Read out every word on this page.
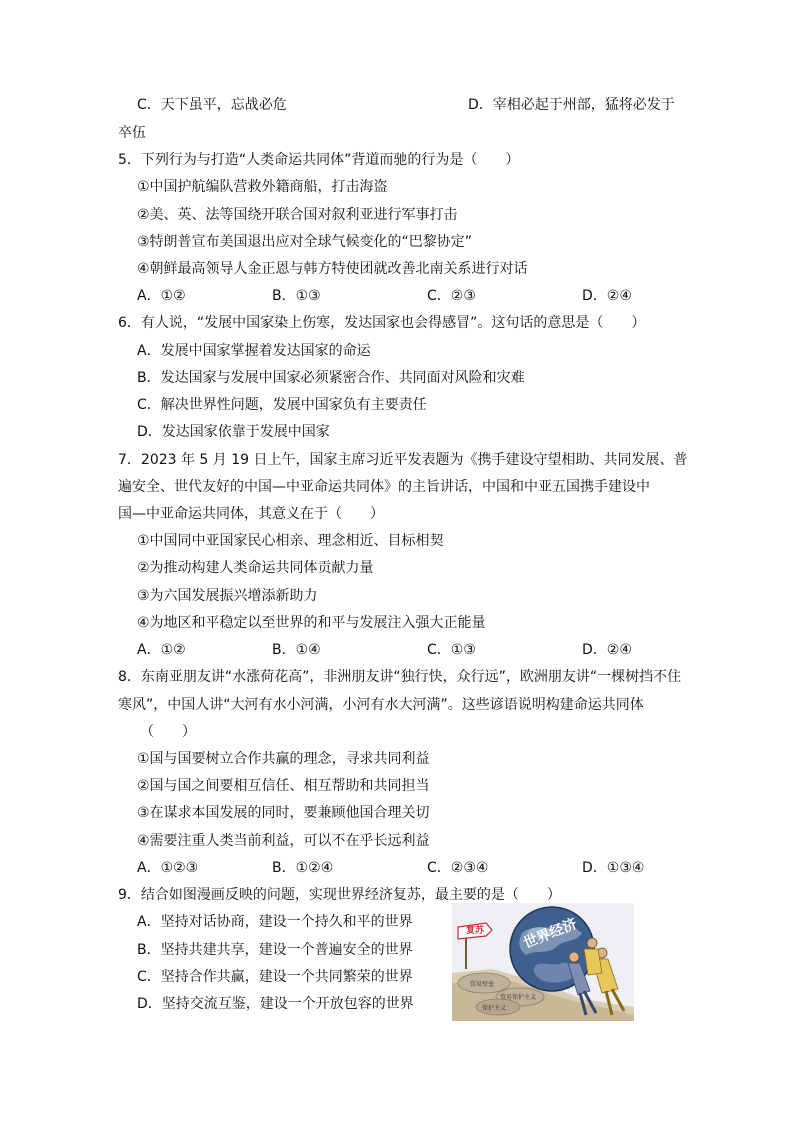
C．天下虽平，忘战必危	D．宰相必起于州部，猛将必发于
卒伍
5．下列行为与打造“人类命运共同体”背道而驰的行为是（　　）
①中国护航编队营救外籍商船，打击海盗
②美、英、法等国绕开联合国对叙利亚进行军事打击
③特朗普宣布美国退出应对全球气候变化的“巴黎协定”
④朝鲜最高领导人金正恩与韩方特使团就改善北南关系进行对话
A．①②	B．①③	C．②③	D．②④
6．有人说，“发展中国家染上伤寒，发达国家也会得感冒”。这句话的意思是（　　）
A．发展中国家掌握着发达国家的命运
B．发达国家与发展中国家必须紧密合作、共同面对风险和灾难
C．解决世界性问题，发展中国家负有主要责任
D．发达国家依靠于发展中国家
7．2023 年 5 月 19 日上午，国家主席习近平发表题为《携手建设守望相助、共同发展、普
遍安全、世代友好的中国—中亚命运共同体》的主旨讲话，中国和中亚五国携手建设中
国—中亚命运共同体，其意义在于（　　）
①中国同中亚国家民心相亲、理念相近、目标相契
②为推动构建人类命运共同体贡献力量
③为六国发展振兴增添新助力
④为地区和平稳定以至世界的和平与发展注入强大正能量
A．①②	B．①④	C．①③	D．②④
8．东南亚朋友讲“水涨荷花高”，非洲朋友讲“独行快，众行远”，欧洲朋友讲“一棵树挡不住
寒风”，中国人讲“大河有水小河满，小河有水大河满”。这些谚语说明构建命运共同体
（　　）
①国与国要树立合作共赢的理念，寻求共同利益
②国与国之间要相互信任、相互帮助和共同担当
③在谋求本国发展的同时，要兼顾他国合理关切
④需要注重人类当前利益，可以不在乎长远利益
A．①②③	B．①②④	C．②③④	D．①③④
9．结合如图漫画反映的问题，实现世界经济复苏，最主要的是（　　）
A．坚持对话协商，建设一个持久和平的世界
B．坚持共建共享，建设一个普遍安全的世界
C．坚持合作共赢，建设一个共同繁荣的世界
D．坚持交流互鉴，建设一个开放包容的世界
世界经济
复苏
贸易保护主义
贸易壁垒
保护主义
